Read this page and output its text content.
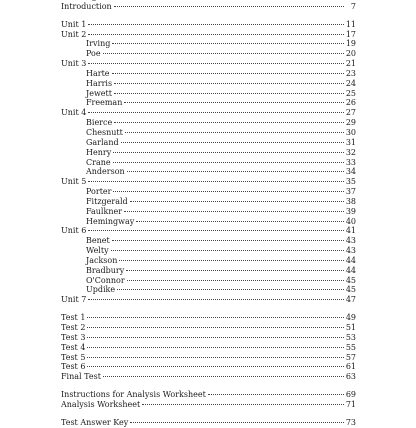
Introduction	7
Unit 1	11
Unit 2	17
Irving	19
Poe	20
Unit 3	21
Harte	23
Harris	24
Jewett	25
Freeman	26
Unit 4	27
Bierce	29
Chesnutt	30
Garland	31
Henry	32
Crane	33
Anderson	34
Unit 5	35
Porter	37
Fitzgerald	38
Faulkner	39
Hemingway	40
Unit 6	41
Benet	43
Welty	43
Jackson	44
Bradbury	44
O'Connor	45
Updike	45
Unit 7	47
Test 1	49
Test 2	51
Test 3	53
Test 4	55
Test 5	57
Test 6	61
Final Test	63
Instructions for Analysis Worksheet	69
Analysis Worksheet	71
Test Answer Key	73
